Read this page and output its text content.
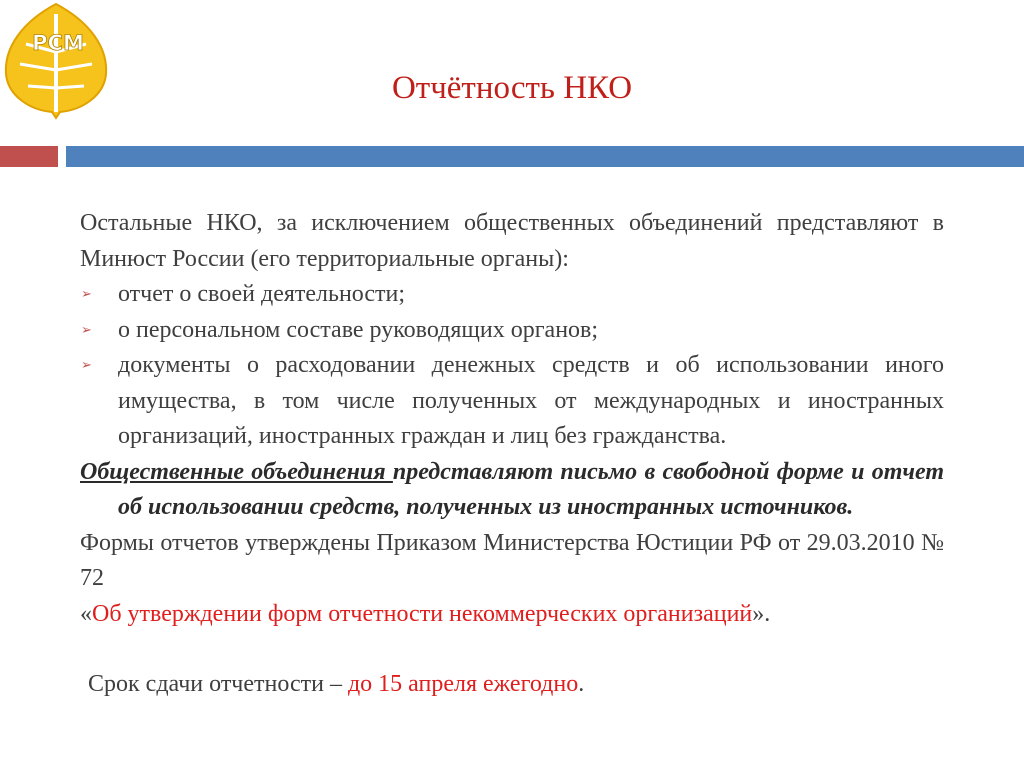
РСМ
Отчётность НКО

Остальные НКО, за исключением общественных объединений представляют в Минюст России (его территориальные органы):

➢ отчет о своей деятельности;

➢ о персональном составе руководящих органов;

➢ документы о расходовании денежных средств и об использовании иного имущества, в том числе полученных от международных и иностранных организаций, иностранных граждан и лиц без гражданства.

Общественные объединения представляют письмо в свободной форме и отчет об использовании средств, полученных из иностранных источников.

Формы отчетов утверждены Приказом Министерства Юстиции РФ от 29.03.2010 № 72

«Об утверждении форм отчетности некоммерческих организаций».

Срок сдачи отчетности – до 15 апреля ежегодно.
